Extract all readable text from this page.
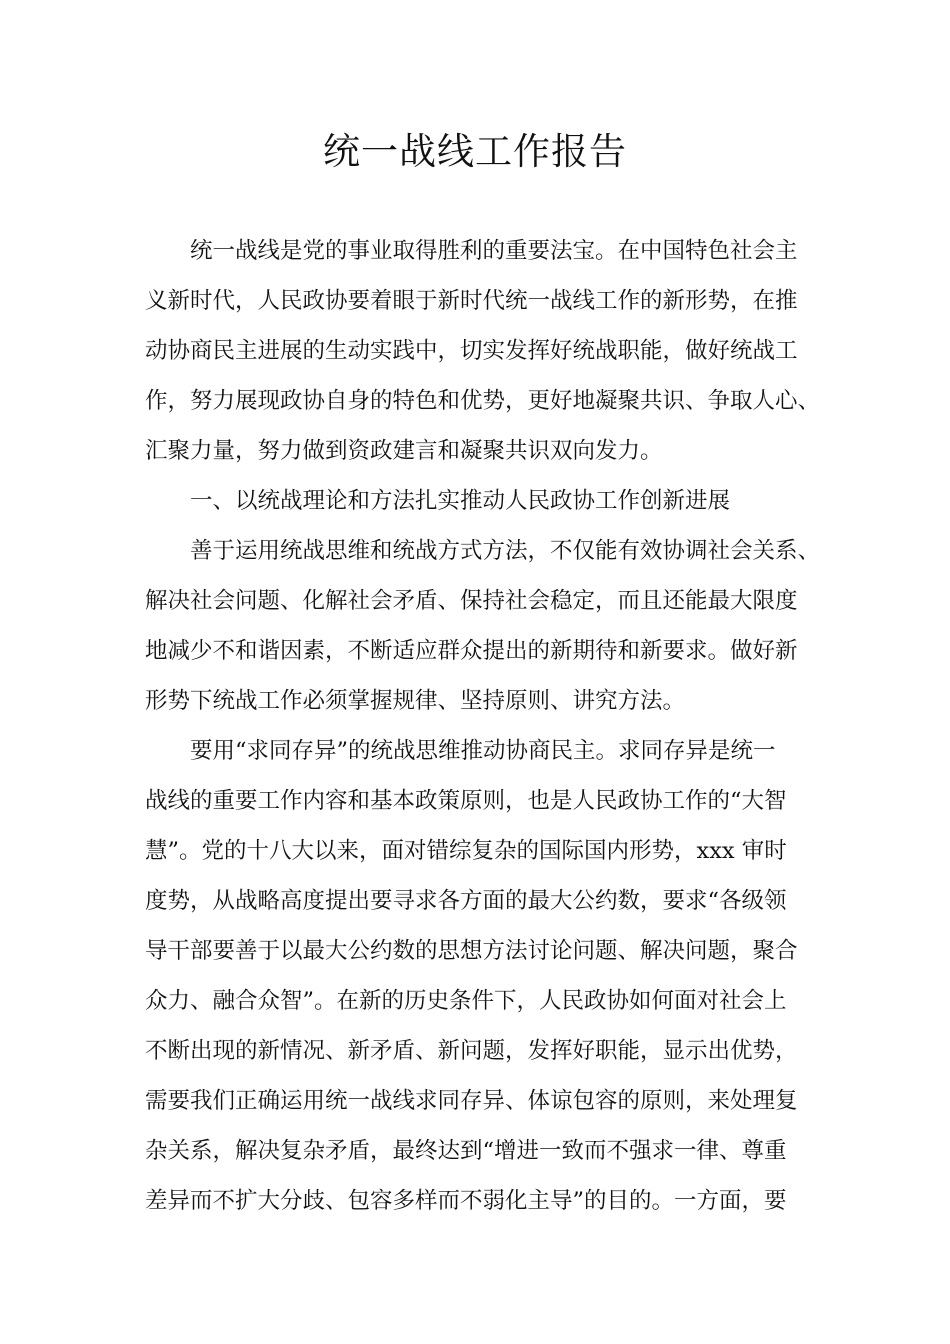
统一战线工作报告

统一战线是党的事业取得胜利的重要法宝。在中国特色社会主
义新时代，人民政协要着眼于新时代统一战线工作的新形势，在推
动协商民主进展的生动实践中，切实发挥好统战职能，做好统战工
作，努力展现政协自身的特色和优势，更好地凝聚共识、争取人心、
汇聚力量，努力做到资政建言和凝聚共识双向发力。

一、以统战理论和方法扎实推动人民政协工作创新进展

善于运用统战思维和统战方式方法，不仅能有效协调社会关系、
解决社会问题、化解社会矛盾、保持社会稳定，而且还能最大限度
地减少不和谐因素，不断适应群众提出的新期待和新要求。做好新
形势下统战工作必须掌握规律、坚持原则、讲究方法。

要用“求同存异”的统战思维推动协商民主。求同存异是统一
战线的重要工作内容和基本政策原则，也是人民政协工作的“大智
慧”。党的十八大以来，面对错综复杂的国际国内形势，xxx 审时
度势，从战略高度提出要寻求各方面的最大公约数，要求“各级领
导干部要善于以最大公约数的思想方法讨论问题、解决问题，聚合
众力、融合众智”。在新的历史条件下，人民政协如何面对社会上
不断出现的新情况、新矛盾、新问题，发挥好职能，显示出优势，
需要我们正确运用统一战线求同存异、体谅包容的原则，来处理复
杂关系，解决复杂矛盾，最终达到“增进一致而不强求一律、尊重
差异而不扩大分歧、包容多样而不弱化主导”的目的。一方面，要
